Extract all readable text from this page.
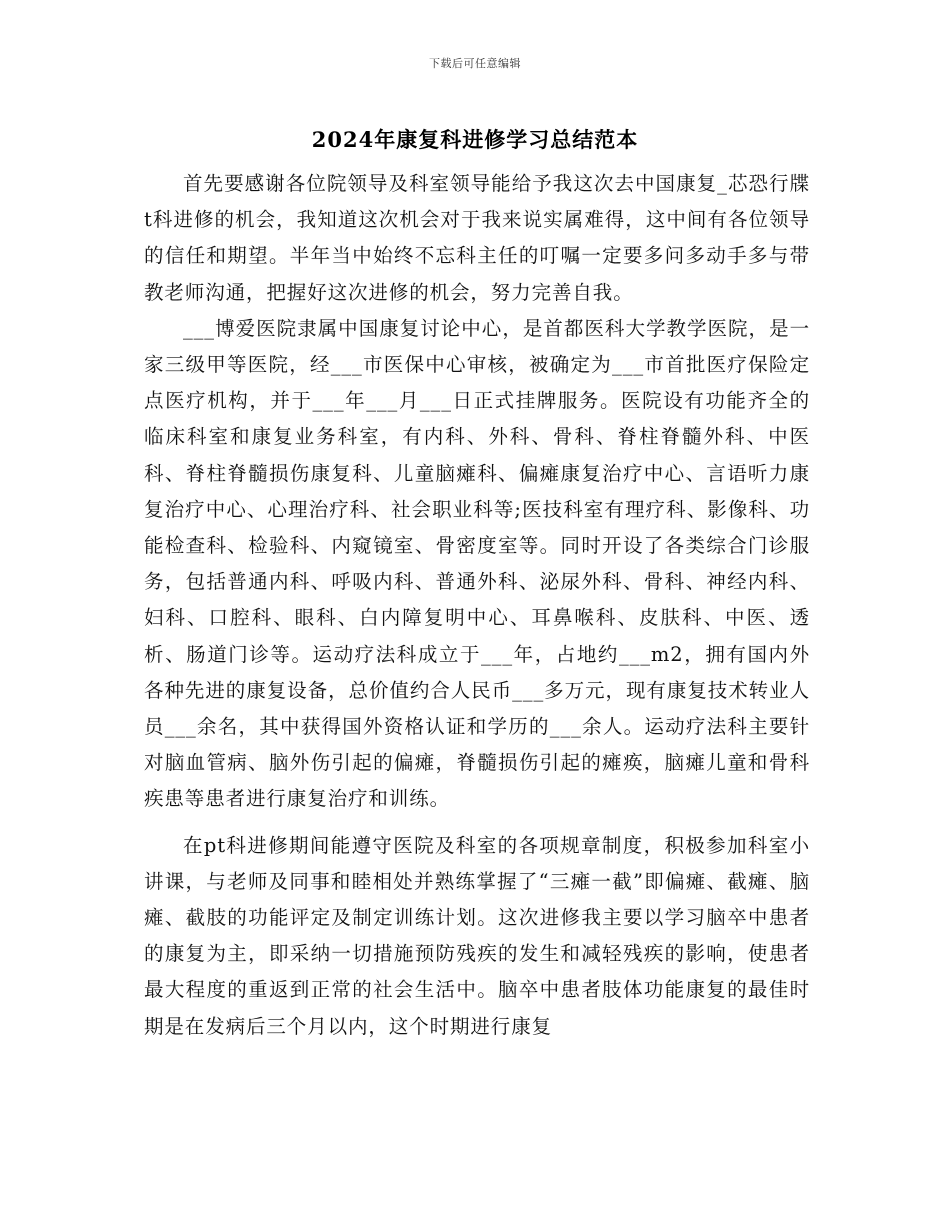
下载后可任意编辑
2024年康复科进修学习总结范本

首先要感谢各位院领导及科室领导能给予我这次去中国康复_芯恐行牒t科进修的机会，我知道这次机会对于我来说实属难得，这中间有各位领导的信任和期望。半年当中始终不忘科主任的叮嘱一定要多问多动手多与带教老师沟通，把握好这次进修的机会，努力完善自我。

___博爱医院隶属中国康复讨论中心，是首都医科大学教学医院，是一家三级甲等医院，经___市医保中心审核，被确定为___市首批医疗保险定点医疗机构，并于___年___月___日正式挂牌服务。医院设有功能齐全的临床科室和康复业务科室，有内科、外科、骨科、脊柱脊髓外科、中医科、脊柱脊髓损伤康复科、儿童脑瘫科、偏瘫康复治疗中心、言语听力康复治疗中心、心理治疗科、社会职业科等;医技科室有理疗科、影像科、功能检查科、检验科、内窥镜室、骨密度室等。同时开设了各类综合门诊服务，包括普通内科、呼吸内科、普通外科、泌尿外科、骨科、神经内科、妇科、口腔科、眼科、白内障复明中心、耳鼻喉科、皮肤科、中医、透析、肠道门诊等。运动疗法科成立于___年，占地约___m2，拥有国内外各种先进的康复设备，总价值约合人民币___多万元，现有康复技术转业人员___余名，其中获得国外资格认证和学历的___余人。运动疗法科主要针对脑血管病、脑外伤引起的偏瘫，脊髓损伤引起的瘫痪，脑瘫儿童和骨科疾患等患者进行康复治疗和训练。

在pt科进修期间能遵守医院及科室的各项规章制度，积极参加科室小讲课，与老师及同事和睦相处并熟练掌握了“三瘫一截”即偏瘫、截瘫、脑瘫、截肢的功能评定及制定训练计划。这次进修我主要以学习脑卒中患者的康复为主，即采纳一切措施预防残疾的发生和减轻残疾的影响，使患者最大程度的重返到正常的社会生活中。脑卒中患者肢体功能康复的最佳时期是在发病后三个月以内，这个时期进行康复
